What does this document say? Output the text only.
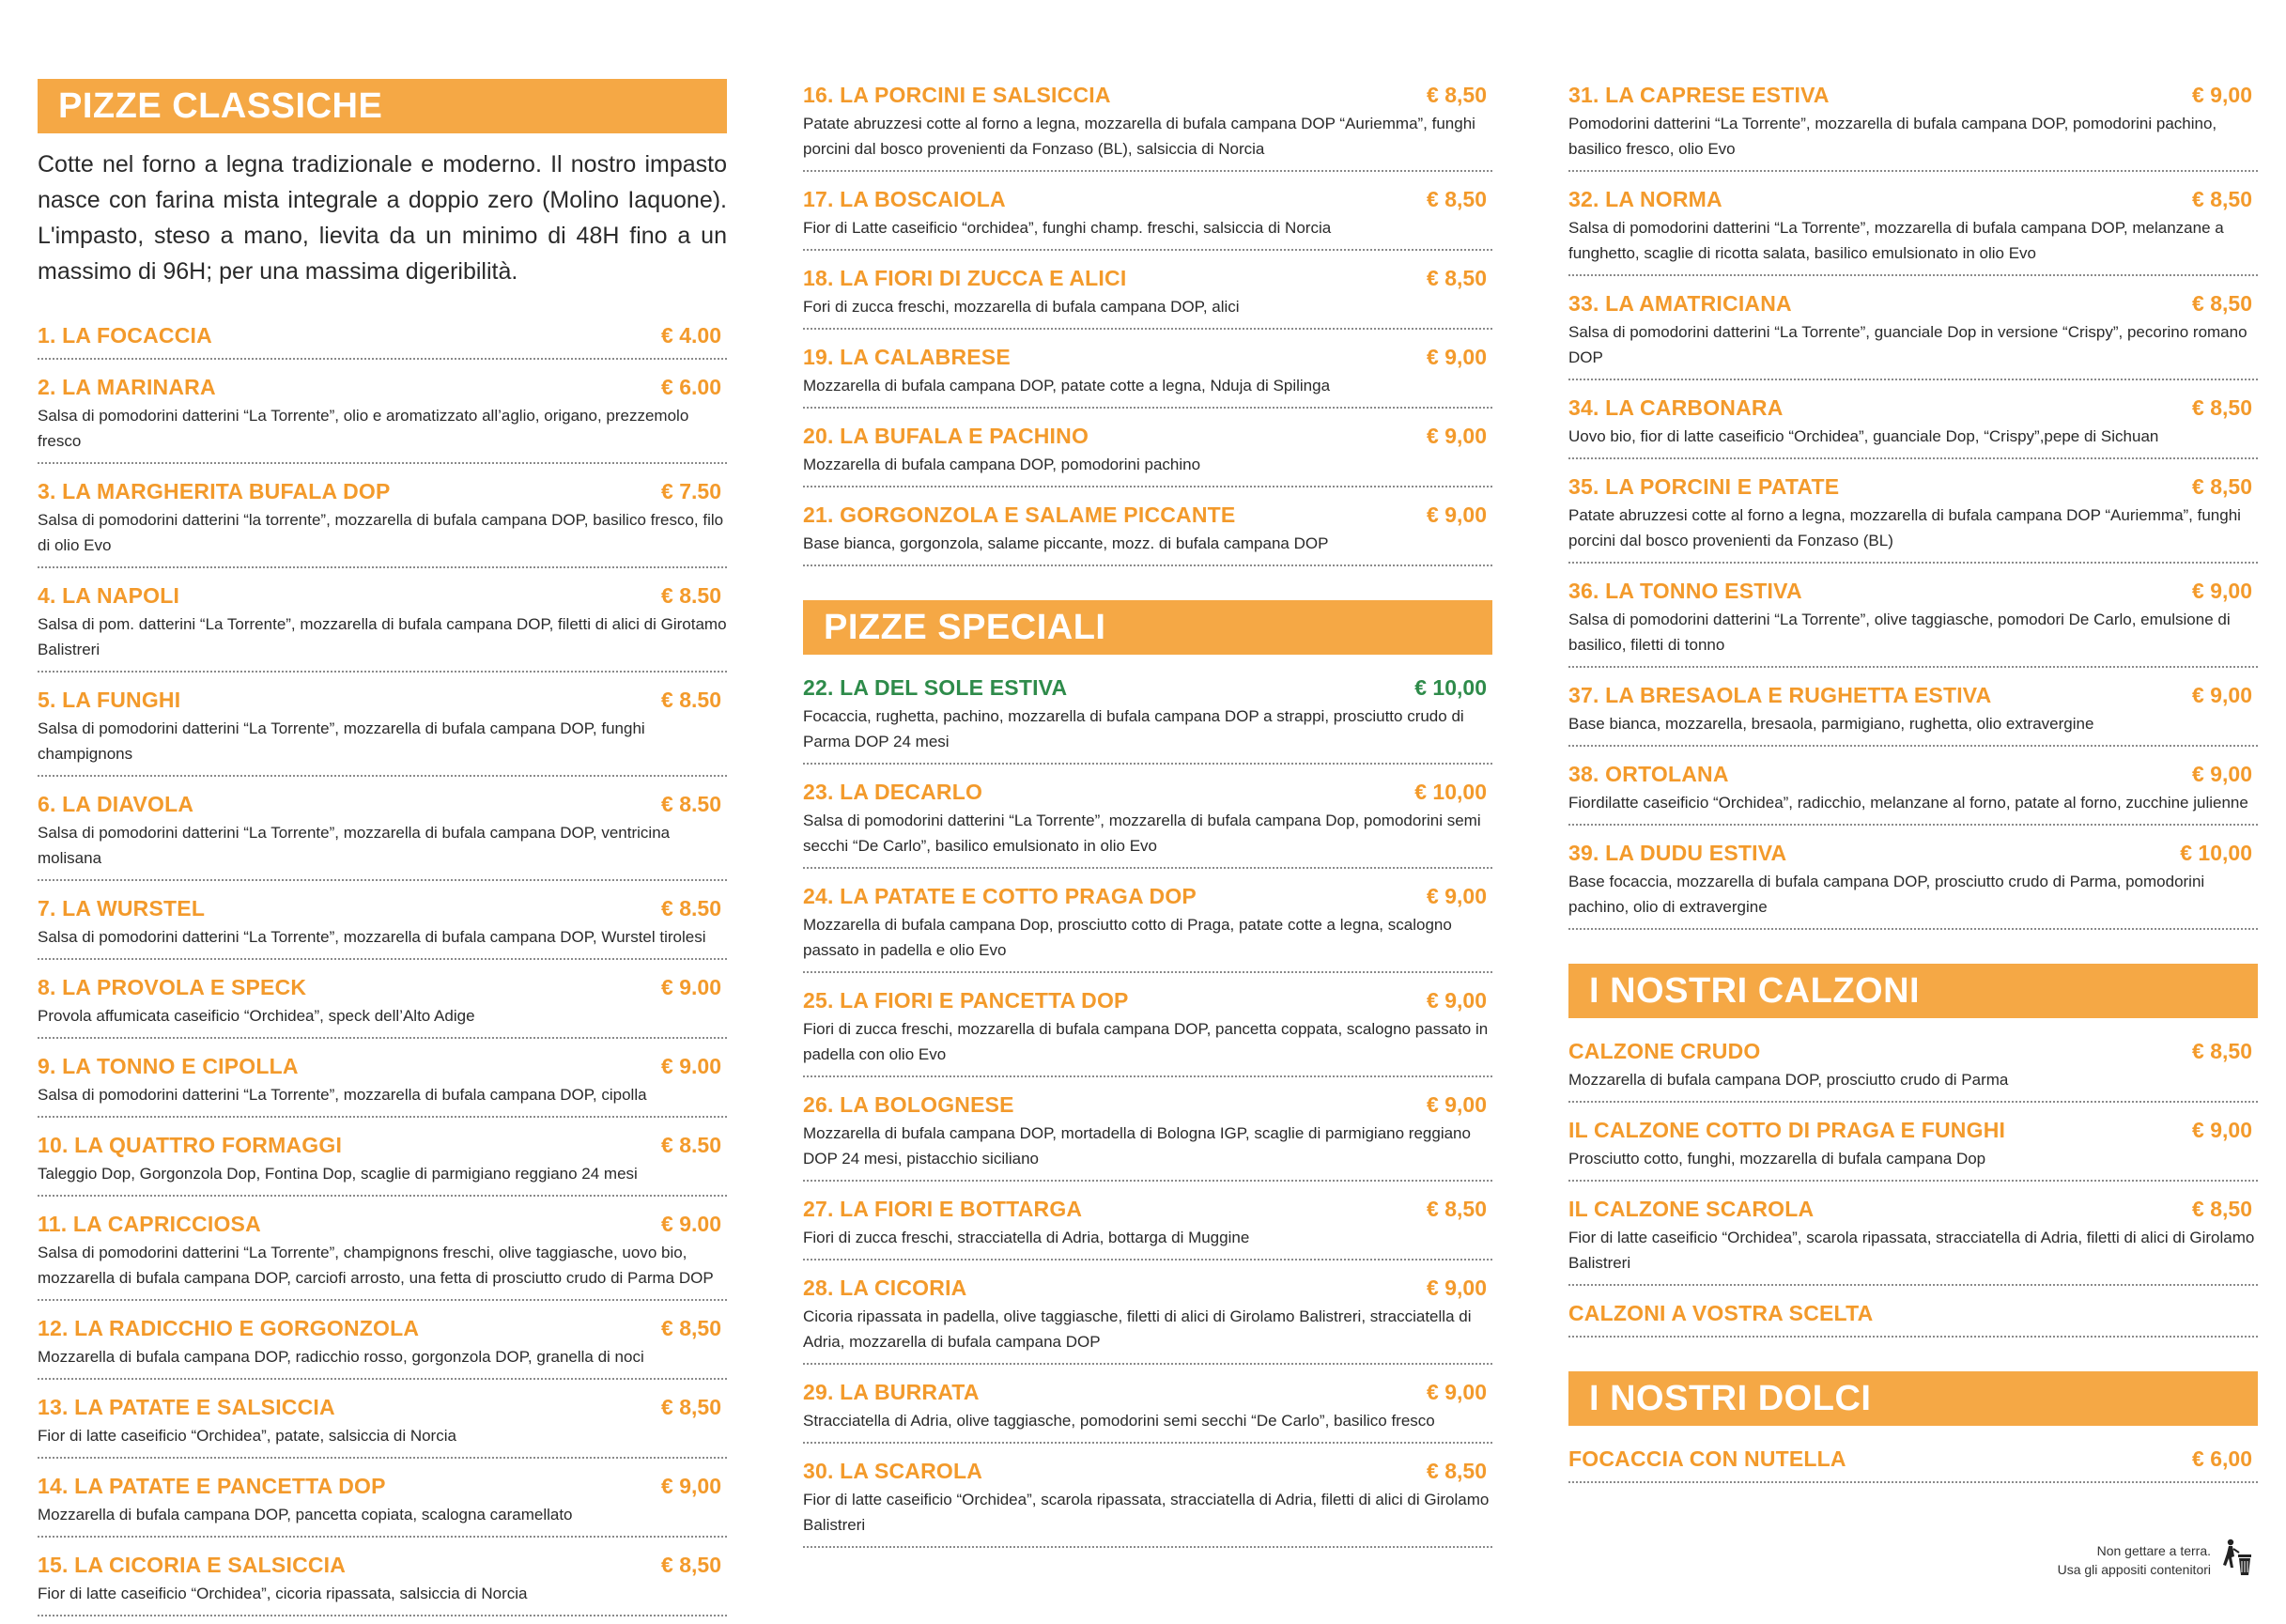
PIZZE CLASSICHE
Cotte nel forno a legna tradizionale e moderno. Il nostro impasto nasce con farina mista integrale a doppio zero (Molino Iaquone). L'impasto, steso a mano, lievita da un minimo di 48H fino a un massimo di 96H; per una massima digeribilità.
1. LA FOCACCIA	€ 4.00
2. LA MARINARA	€ 6.00
Salsa di pomodorini datterini “La Torrente”, olio e aromatizzato all’aglio, origano, prezzemolo fresco
3. LA MARGHERITA BUFALA DOP	€ 7.50
Salsa di pomodorini datterini “la torrente”, mozzarella di bufala campana DOP, basilico fresco, filo di olio Evo
4. LA NAPOLI	€ 8.50
Salsa di pom. datterini “La Torrente”, mozzarella di bufala campana DOP, filetti di alici di Girotamo Balistreri
5. LA FUNGHI	€ 8.50
Salsa di pomodorini datterini “La Torrente”, mozzarella di bufala campana DOP, funghi champignons
6. LA DIAVOLA	€ 8.50
Salsa di pomodorini datterini “La Torrente”, mozzarella di bufala campana DOP, ventricina molisana
7. LA WURSTEL	€ 8.50
Salsa di pomodorini datterini “La Torrente”, mozzarella di bufala campana DOP, Wurstel tirolesi
8. LA PROVOLA E SPECK	€ 9.00
Provola affumicata caseificio “Orchidea”, speck dell’Alto Adige
9. LA TONNO E CIPOLLA	€ 9.00
Salsa di pomodorini datterini “La Torrente”, mozzarella di bufala campana DOP, cipolla
10. LA QUATTRO FORMAGGI	€ 8.50
Taleggio Dop, Gorgonzola Dop, Fontina Dop, scaglie di parmigiano reggiano 24 mesi
11. LA CAPRICCIOSA	€ 9.00
Salsa di pomodorini datterini “La Torrente”, champignons freschi, olive taggiasche, uovo bio, mozzarella di bufala campana DOP, carciofi arrosto, una fetta di prosciutto crudo di Parma DOP
12. LA RADICCHIO E GORGONZOLA	€ 8,50
Mozzarella di bufala campana DOP, radicchio rosso, gorgonzola DOP, granella di noci
13. LA PATATE E SALSICCIA	€ 8,50
Fior di latte caseificio “Orchidea”, patate, salsiccia di Norcia
14. LA PATATE E PANCETTA DOP	€ 9,00
Mozzarella di bufala campana DOP, pancetta copiata, scalogna caramellato
15. LA CICORIA E SALSICCIA	€ 8,50
Fior di latte caseificio “Orchidea”, cicoria ripassata, salsiccia di Norcia
16. LA PORCINI E SALSICCIA	€ 8,50
Patate abruzzesi cotte al forno a legna, mozzarella di bufala campana DOP “Auriemma”, funghi porcini dal bosco provenienti da Fonzaso (BL), salsiccia di Norcia
17. LA BOSCAIOLA	€ 8,50
Fior di Latte caseificio “orchidea”, funghi champ. freschi, salsiccia di Norcia
18. LA FIORI DI ZUCCA E ALICI	€ 8,50
Fori di zucca freschi, mozzarella di bufala campana DOP, alici
19. LA CALABRESE	€ 9,00
Mozzarella di bufala campana DOP, patate cotte a legna, Nduja di Spilinga
20. LA BUFALA E PACHINO	€ 9,00
Mozzarella di bufala campana DOP, pomodorini pachino
21. GORGONZOLA E SALAME PICCANTE	€ 9,00
Base bianca, gorgonzola, salame piccante, mozz. di bufala campana DOP
PIZZE SPECIALI
22. LA DEL SOLE ESTIVA	€ 10,00
Focaccia, rughetta, pachino, mozzarella di bufala campana DOP a strappi, prosciutto crudo di Parma DOP 24 mesi
23. LA DECARLO	€ 10,00
Salsa di pomodorini datterini “La Torrente”, mozzarella di bufala campana Dop, pomodorini semi secchi “De Carlo”, basilico emulsionato in olio Evo
24. LA PATATE E COTTO PRAGA DOP	€ 9,00
Mozzarella di bufala campana Dop, prosciutto cotto di Praga, patate cotte a legna, scalogno passato in padella e olio Evo
25. LA FIORI E PANCETTA DOP	€ 9,00
Fiori di zucca freschi, mozzarella di bufala campana DOP, pancetta coppata, scalogno passato in padella con olio Evo
26. LA BOLOGNESE	€ 9,00
Mozzarella di bufala campana DOP, mortadella di Bologna IGP, scaglie di parmigiano reggiano DOP 24 mesi, pistacchio siciliano
27. LA FIORI E BOTTARGA	€ 8,50
Fiori di zucca freschi, stracciatella di Adria, bottarga di Muggine
28. LA CICORIA	€ 9,00
Cicoria ripassata in padella, olive taggiasche, filetti di alici di Girolamo Balistreri, stracciatella di Adria, mozzarella di bufala campana DOP
29. LA BURRATA	€ 9,00
Stracciatella di Adria, olive taggiasche, pomodorini semi secchi “De Carlo”, basilico fresco
30. LA SCAROLA	€ 8,50
Fior di latte caseificio “Orchidea”, scarola ripassata, stracciatella di Adria, filetti di alici di Girolamo Balistreri
31. LA CAPRESE ESTIVA	€ 9,00
Pomodorini datterini “La Torrente”, mozzarella di bufala campana DOP, pomodorini pachino, basilico fresco, olio Evo
32. LA NORMA	€ 8,50
Salsa di pomodorini datterini “La Torrente”, mozzarella di bufala campana DOP, melanzane a funghetto, scaglie di ricotta salata, basilico emulsionato in olio Evo
33. LA AMATRICIANA	€ 8,50
Salsa di pomodorini datterini “La Torrente”, guanciale Dop in versione “Crispy”, pecorino romano DOP
34. LA CARBONARA	€ 8,50
Uovo bio, fior di latte caseificio “Orchidea”, guanciale Dop, “Crispy”,pepe di Sichuan
35. LA PORCINI E PATATE	€ 8,50
Patate abruzzesi cotte al forno a legna, mozzarella di bufala campana DOP “Auriemma”, funghi porcini dal bosco provenienti da Fonzaso (BL)
36. LA TONNO ESTIVA	€ 9,00
Salsa di pomodorini datterini “La Torrente”, olive taggiasche, pomodori De Carlo, emulsione di basilico, filetti di tonno
37. LA BRESAOLA E RUGHETTA ESTIVA	€ 9,00
Base bianca, mozzarella, bresaola, parmigiano, rughetta, olio extravergine
38. ORTOLANA	€ 9,00
Fiordilatte caseificio “Orchidea”, radicchio, melanzane al forno, patate al forno, zucchine julienne
39. LA DUDU ESTIVA	€ 10,00
Base focaccia, mozzarella di bufala campana DOP, prosciutto crudo di Parma, pomodorini pachino, olio di extravergine
I NOSTRI CALZONI
CALZONE CRUDO	€ 8,50
Mozzarella di bufala campana DOP, prosciutto crudo di Parma
IL CALZONE COTTO DI PRAGA E FUNGHI	€ 9,00
Prosciutto cotto, funghi, mozzarella di bufala campana Dop
IL CALZONE SCAROLA	€ 8,50
Fior di latte caseificio “Orchidea”, scarola ripassata, stracciatella di Adria, filetti di alici di Girolamo Balistreri
CALZONI A VOSTRA SCELTA
I NOSTRI DOLCI
FOCACCIA CON NUTELLA	€ 6,00
Non gettare a terra.
Usa gli appositi contenitori
